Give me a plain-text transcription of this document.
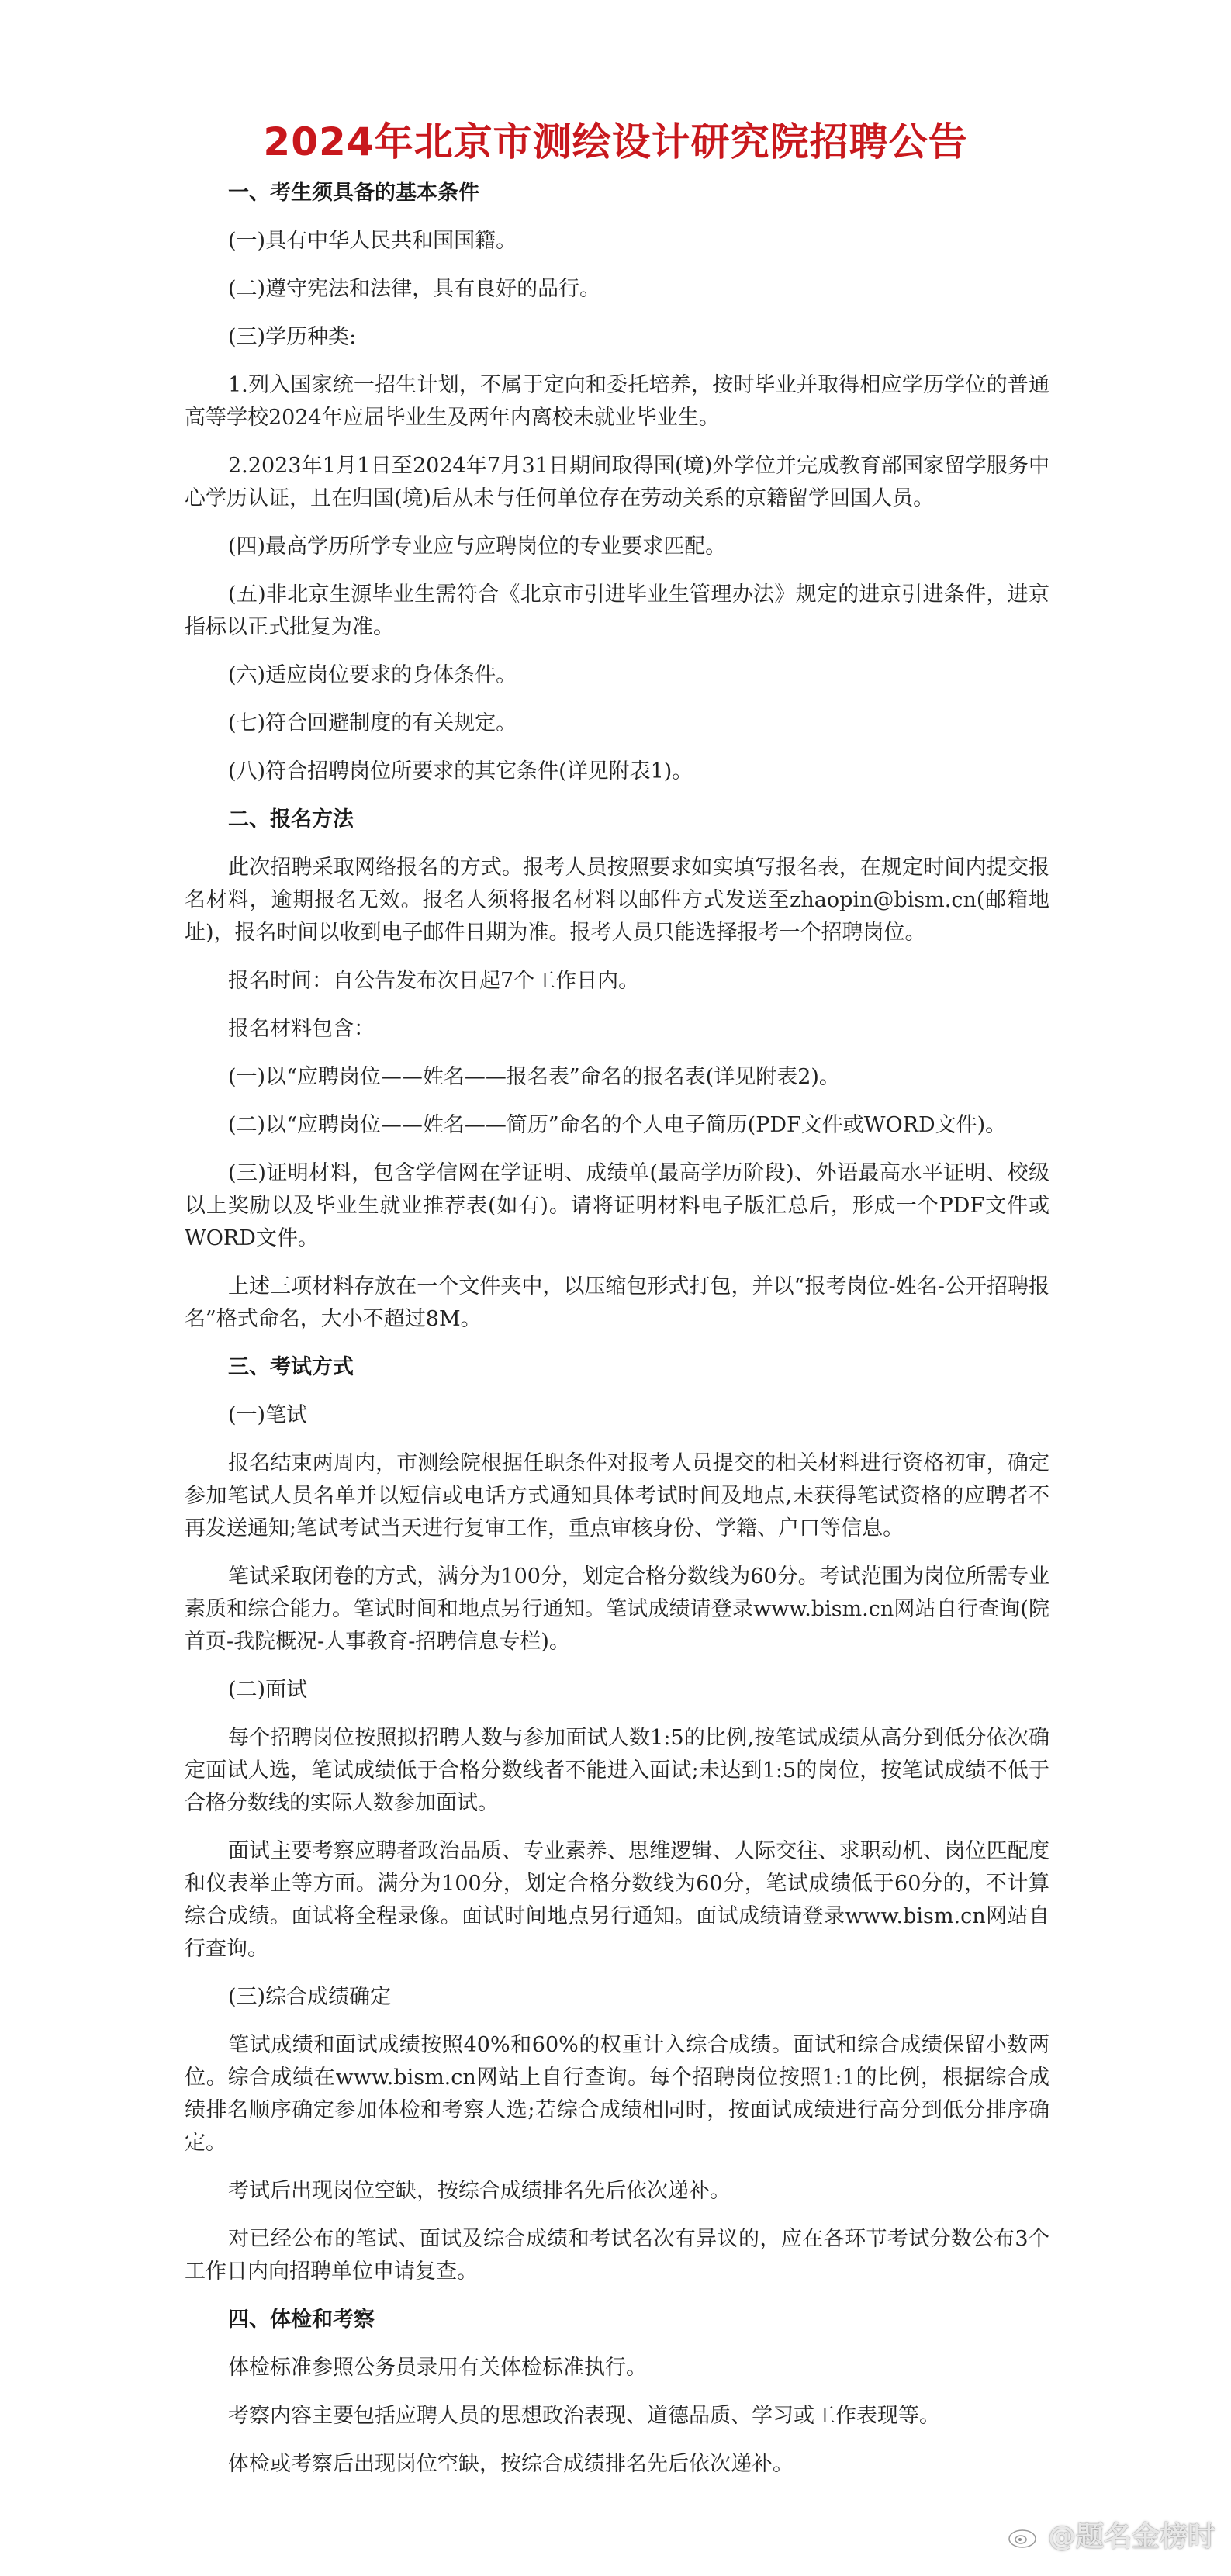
2024年北京市测绘设计研究院招聘公告
一、考生须具备的基本条件
(一)具有中华人民共和国国籍。
(二)遵守宪法和法律，具有良好的品行。
(三)学历种类:
1.列入国家统一招生计划，不属于定向和委托培养，按时毕业并取得相应学历学位的普通高等学校2024年应届毕业生及两年内离校未就业毕业生。
2.2023年1月1日至2024年7月31日期间取得国(境)外学位并完成教育部国家留学服务中心学历认证，且在归国(境)后从未与任何单位存在劳动关系的京籍留学回国人员。
(四)最高学历所学专业应与应聘岗位的专业要求匹配。
(五)非北京生源毕业生需符合《北京市引进毕业生管理办法》规定的进京引进条件，进京指标以正式批复为准。
(六)适应岗位要求的身体条件。
(七)符合回避制度的有关规定。
(八)符合招聘岗位所要求的其它条件(详见附表1)。
二、报名方法
此次招聘采取网络报名的方式。报考人员按照要求如实填写报名表，在规定时间内提交报名材料，逾期报名无效。报名人须将报名材料以邮件方式发送至zhaopin@bism.cn(邮箱地址)，报名时间以收到电子邮件日期为准。报考人员只能选择报考一个招聘岗位。
报名时间：自公告发布次日起7个工作日内。
报名材料包含：
(一)以“应聘岗位——姓名——报名表”命名的报名表(详见附表2)。
(二)以“应聘岗位——姓名——简历”命名的个人电子简历(PDF文件或WORD文件)。
(三)证明材料，包含学信网在学证明、成绩单(最高学历阶段)、外语最高水平证明、校级以上奖励以及毕业生就业推荐表(如有)。请将证明材料电子版汇总后，形成一个PDF文件或WORD文件。
上述三项材料存放在一个文件夹中，以压缩包形式打包，并以“报考岗位-姓名-公开招聘报名”格式命名，大小不超过8M。
三、考试方式
(一)笔试
报名结束两周内，市测绘院根据任职条件对报考人员提交的相关材料进行资格初审，确定参加笔试人员名单并以短信或电话方式通知具体考试时间及地点,未获得笔试资格的应聘者不再发送通知;笔试考试当天进行复审工作，重点审核身份、学籍、户口等信息。
笔试采取闭卷的方式，满分为100分，划定合格分数线为60分。考试范围为岗位所需专业素质和综合能力。笔试时间和地点另行通知。笔试成绩请登录www.bism.cn网站自行查询(院首页-我院概况-人事教育-招聘信息专栏)。
(二)面试
每个招聘岗位按照拟招聘人数与参加面试人数1:5的比例,按笔试成绩从高分到低分依次确定面试人选，笔试成绩低于合格分数线者不能进入面试;未达到1:5的岗位，按笔试成绩不低于合格分数线的实际人数参加面试。
面试主要考察应聘者政治品质、专业素养、思维逻辑、人际交往、求职动机、岗位匹配度和仪表举止等方面。满分为100分，划定合格分数线为60分，笔试成绩低于60分的，不计算综合成绩。面试将全程录像。面试时间地点另行通知。面试成绩请登录www.bism.cn网站自行查询。
(三)综合成绩确定
笔试成绩和面试成绩按照40%和60%的权重计入综合成绩。面试和综合成绩保留小数两位。综合成绩在www.bism.cn网站上自行查询。每个招聘岗位按照1:1的比例，根据综合成绩排名顺序确定参加体检和考察人选;若综合成绩相同时，按面试成绩进行高分到低分排序确定。
考试后出现岗位空缺，按综合成绩排名先后依次递补。
对已经公布的笔试、面试及综合成绩和考试名次有异议的，应在各环节考试分数公布3个工作日内向招聘单位申请复查。
四、体检和考察
体检标准参照公务员录用有关体检标准执行。
考察内容主要包括应聘人员的思想政治表现、道德品质、学习或工作表现等。
体检或考察后出现岗位空缺，按综合成绩排名先后依次递补。
@题名金榜时
